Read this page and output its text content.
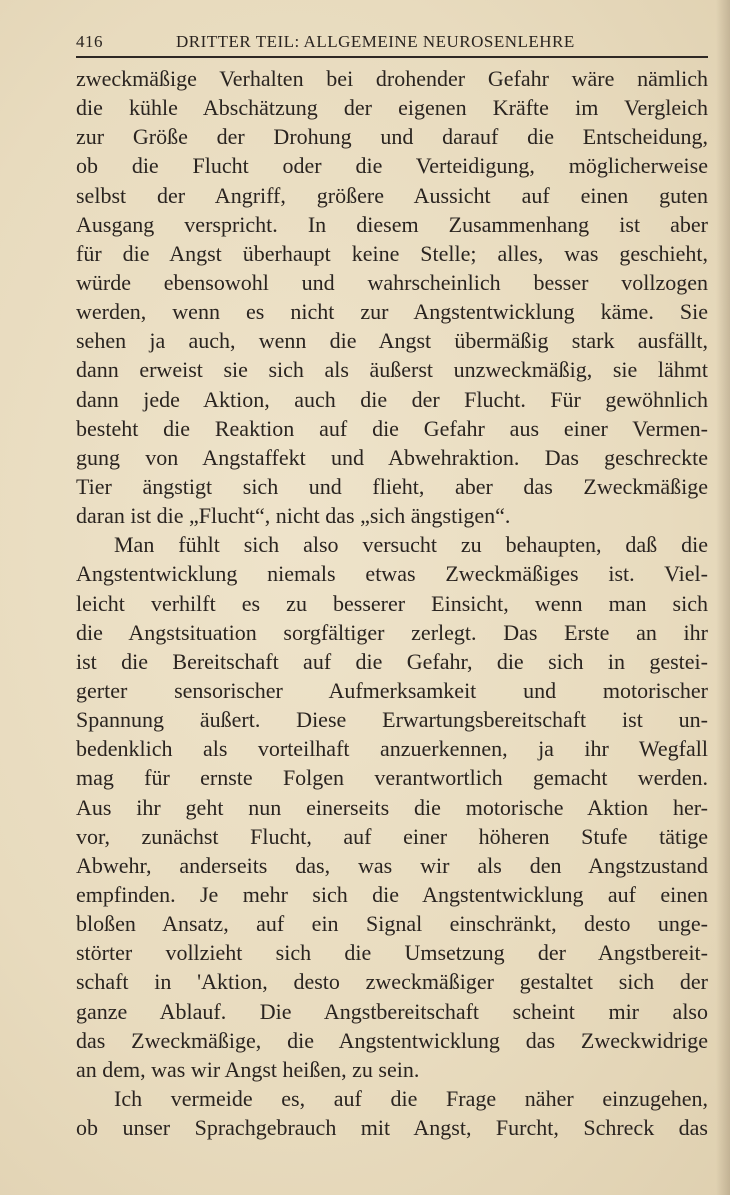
416	DRITTER TEIL: ALLGEMEINE NEUROSENLEHRE
zweckmäßige Verhalten bei drohender Gefahr wäre nämlich
die kühle Abschätzung der eigenen Kräfte im Vergleich
zur Größe der Drohung und darauf die Entscheidung,
ob die Flucht oder die Verteidigung, möglicherweise
selbst der Angriff, größere Aussicht auf einen guten
Ausgang verspricht. In diesem Zusammenhang ist aber
für die Angst überhaupt keine Stelle; alles, was geschieht,
würde ebensowohl und wahrscheinlich besser vollzogen
werden, wenn es nicht zur Angstentwicklung käme. Sie
sehen ja auch, wenn die Angst übermäßig stark ausfällt,
dann erweist sie sich als äußerst unzweckmäßig, sie lähmt
dann jede Aktion, auch die der Flucht. Für gewöhnlich
besteht die Reaktion auf die Gefahr aus einer Vermen-
gung von Angstaffekt und Abwehraktion. Das geschreckte
Tier ängstigt sich und flieht, aber das Zweckmäßige
daran ist die „Flucht“, nicht das „sich ängstigen“.
Man fühlt sich also versucht zu behaupten, daß die
Angstentwicklung niemals etwas Zweckmäßiges ist. Viel-
leicht verhilft es zu besserer Einsicht, wenn man sich
die Angstsituation sorgfältiger zerlegt. Das Erste an ihr
ist die Bereitschaft auf die Gefahr, die sich in gestei-
gerter sensorischer Aufmerksamkeit und motorischer
Spannung äußert. Diese Erwartungsbereitschaft ist un-
bedenklich als vorteilhaft anzuerkennen, ja ihr Wegfall
mag für ernste Folgen verantwortlich gemacht werden.
Aus ihr geht nun einerseits die motorische Aktion her-
vor, zunächst Flucht, auf einer höheren Stufe tätige
Abwehr, anderseits das, was wir als den Angstzustand
empfinden. Je mehr sich die Angstentwicklung auf einen
bloßen Ansatz, auf ein Signal einschränkt, desto unge-
störter vollzieht sich die Umsetzung der Angstbereit-
schaft in 'Aktion, desto zweckmäßiger gestaltet sich der
ganze Ablauf. Die Angstbereitschaft scheint mir also
das Zweckmäßige, die Angstentwicklung das Zweckwidrige
an dem, was wir Angst heißen, zu sein.
Ich vermeide es, auf die Frage näher einzugehen,
ob unser Sprachgebrauch mit Angst, Furcht, Schreck das
